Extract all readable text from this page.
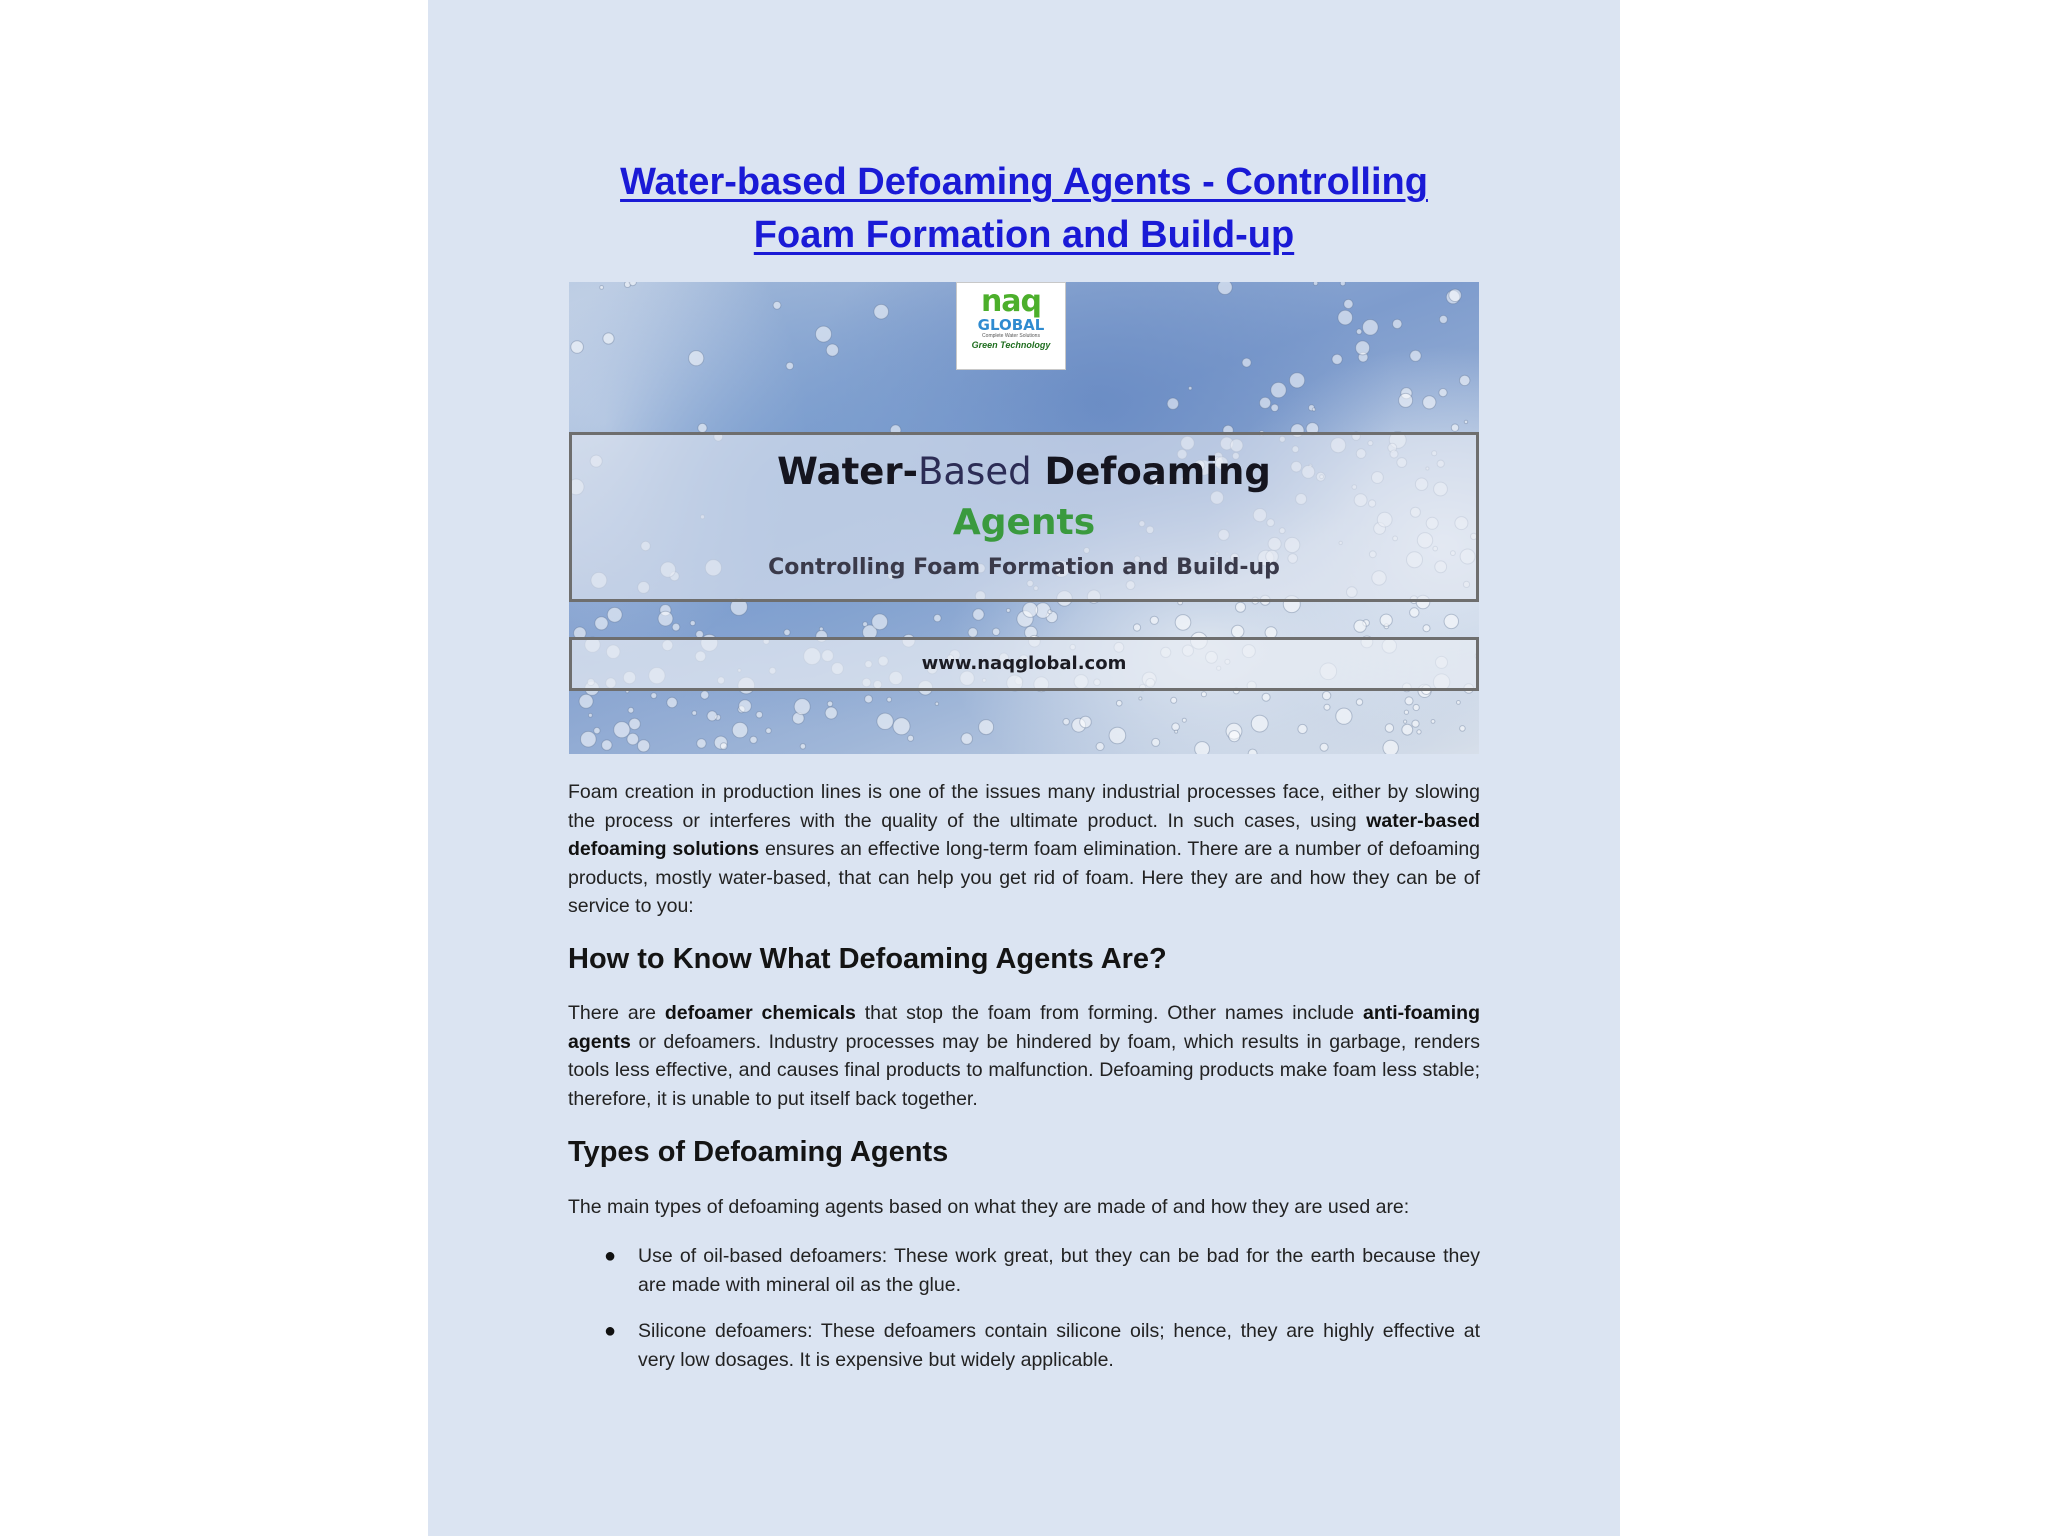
Water-based Defoaming Agents - Controlling
Foam Formation and Build-up
naq
GLOBAL
Complete Water Solutions
Green Technology
Water-Based Defoaming
Agents
Controlling Foam Formation and Build-up
www.naqglobal.com

Foam creation in production lines is one of the issues many industrial processes face, either by slowing the process or interferes with the quality of the ultimate product. In such cases, using water-based defoaming solutions ensures an effective long-term foam elimination. There are a number of defoaming products, mostly water-based, that can help you get rid of foam. Here they are and how they can be of service to you:

How to Know What Defoaming Agents Are?

There are defoamer chemicals that stop the foam from forming. Other names include anti-foaming agents or defoamers. Industry processes may be hindered by foam, which results in garbage, renders tools less effective, and causes final products to malfunction. Defoaming products make foam less stable; therefore, it is unable to put itself back together.

Types of Defoaming Agents

The main types of defoaming agents based on what they are made of and how they are used are:

● Use of oil-based defoamers: These work great, but they can be bad for the earth because they are made with mineral oil as the glue.
● Silicone defoamers: These defoamers contain silicone oils; hence, they are highly effective at very low dosages. It is expensive but widely applicable.
